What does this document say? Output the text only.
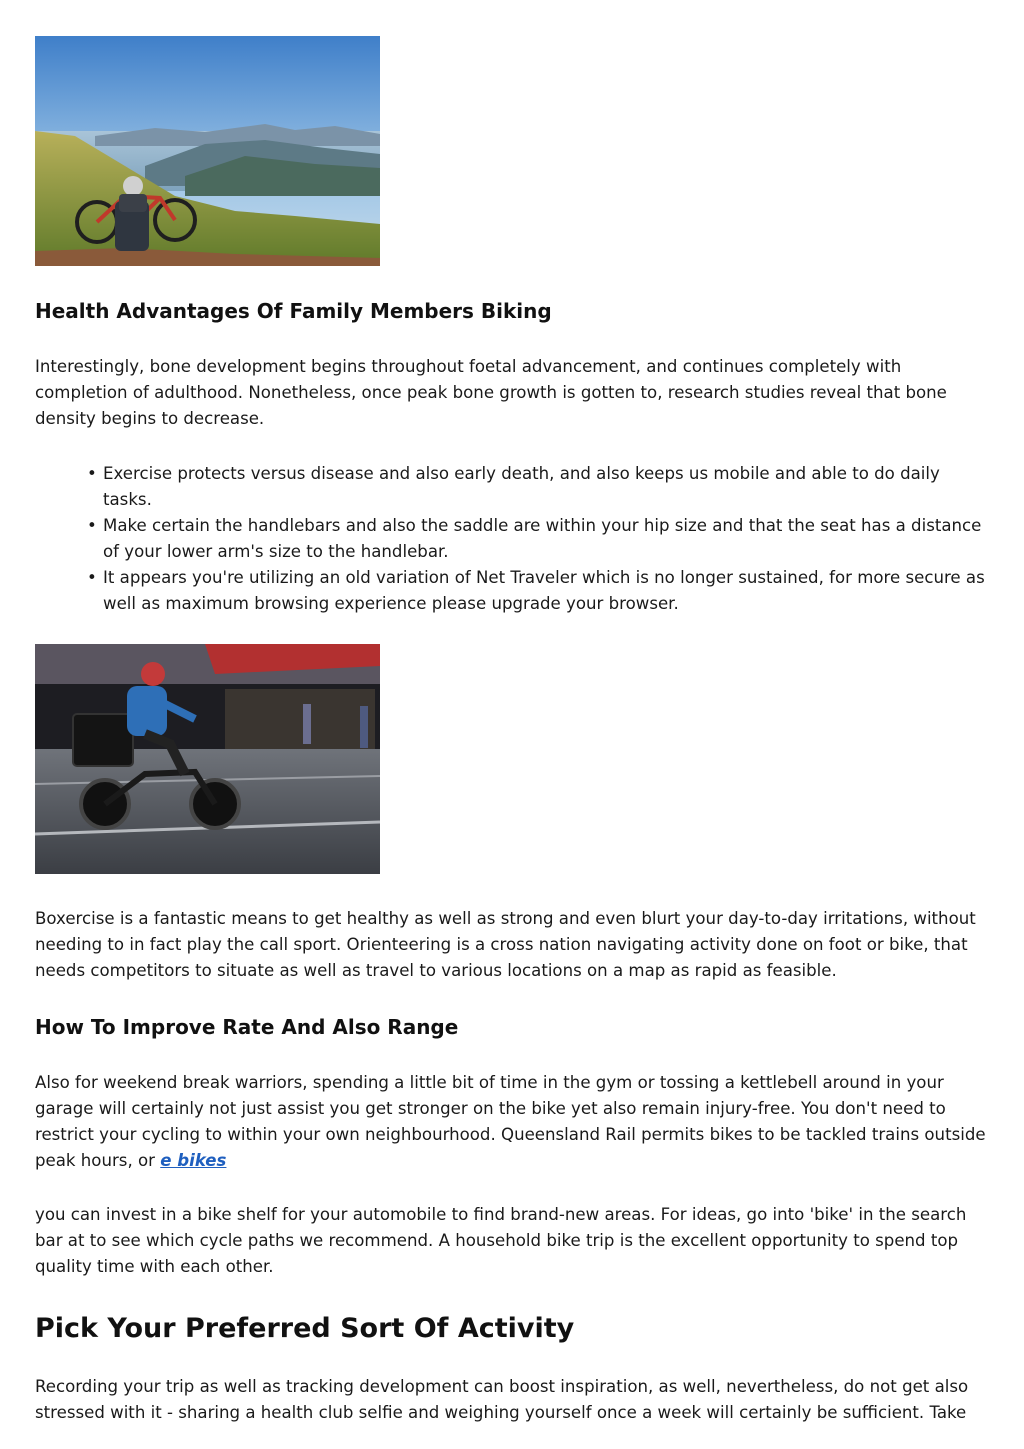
Health Advantages Of Family Members Biking

Interestingly, bone development begins throughout foetal advancement, and continues completely with completion of adulthood. Nonetheless, once peak bone growth is gotten to, research studies reveal that bone density begins to decrease.

• Exercise protects versus disease and also early death, and also keeps us mobile and able to do daily tasks.
• Make certain the handlebars and also the saddle are within your hip size and that the seat has a distance of your lower arm's size to the handlebar.
• It appears you're utilizing an old variation of Net Traveler which is no longer sustained, for more secure as well as maximum browsing experience please upgrade your browser.

Boxercise is a fantastic means to get healthy as well as strong and even blurt your day-to-day irritations, without needing to in fact play the call sport. Orienteering is a cross nation navigating activity done on foot or bike, that needs competitors to situate as well as travel to various locations on a map as rapid as feasible.

How To Improve Rate And Also Range

Also for weekend break warriors, spending a little bit of time in the gym or tossing a kettlebell around in your garage will certainly not just assist you get stronger on the bike yet also remain injury-free. You don't need to restrict your cycling to within your own neighbourhood. Queensland Rail permits bikes to be tackled trains outside peak hours, or e bikes

you can invest in a bike shelf for your automobile to find brand-new areas. For ideas, go into 'bike' in the search bar at to see which cycle paths we recommend. A household bike trip is the excellent opportunity to spend top quality time with each other.

Pick Your Preferred Sort Of Activity

Recording your trip as well as tracking development can boost inspiration, as well, nevertheless, do not get also stressed with it - sharing a health club selfie and weighing yourself once a week will certainly be sufficient. Take
